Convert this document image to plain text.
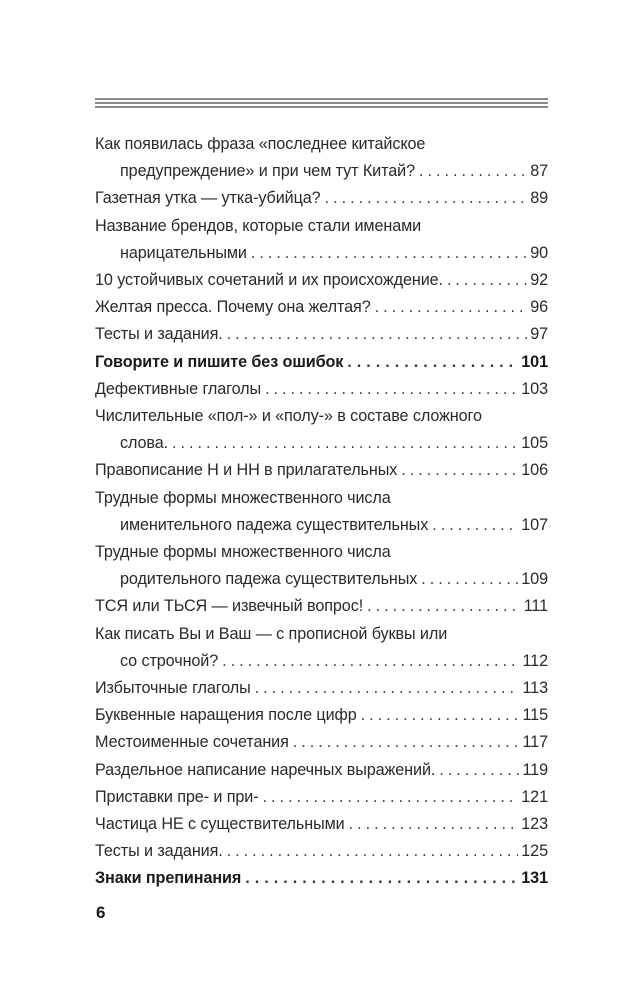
Как появилась фраза «последнее китайское
предупреждение» и при чем тут Китай? . . .	87
Газетная утка — утка-убийца? . . .	89
Название брендов, которые стали именами
нарицательными . . .	90
10 устойчивых сочетаний и их происхождение. . . .	92
Желтая пресса. Почему она желтая? . . .	96
Тесты и задания. . . .	97
Говорите и пишите без ошибок . . .	101
Дефективные глаголы . . .	103
Числительные «пол-» и «полу-» в составе сложного
слова. . . .	105
Правописание Н и НН в прилагательных . . .	106
Трудные формы множественного числа
именительного падежа существительных . . .	107
Трудные формы множественного числа
родительного падежа существительных . . .	109
ТСЯ или ТЬСЯ — извечный вопрос! . . .	111
Как писать Вы и Ваш — с прописной буквы или
со строчной? . . .	112
Избыточные глаголы . . .	113
Буквенные наращения после цифр . . .	115
Местоименные сочетания . . .	117
Раздельное написание наречных выражений. . . .	119
Приставки пре- и при- . . .	121
Частица НЕ с существительными . . .	123
Тесты и задания. . . .	125
Знаки препинания . . .	131
6
